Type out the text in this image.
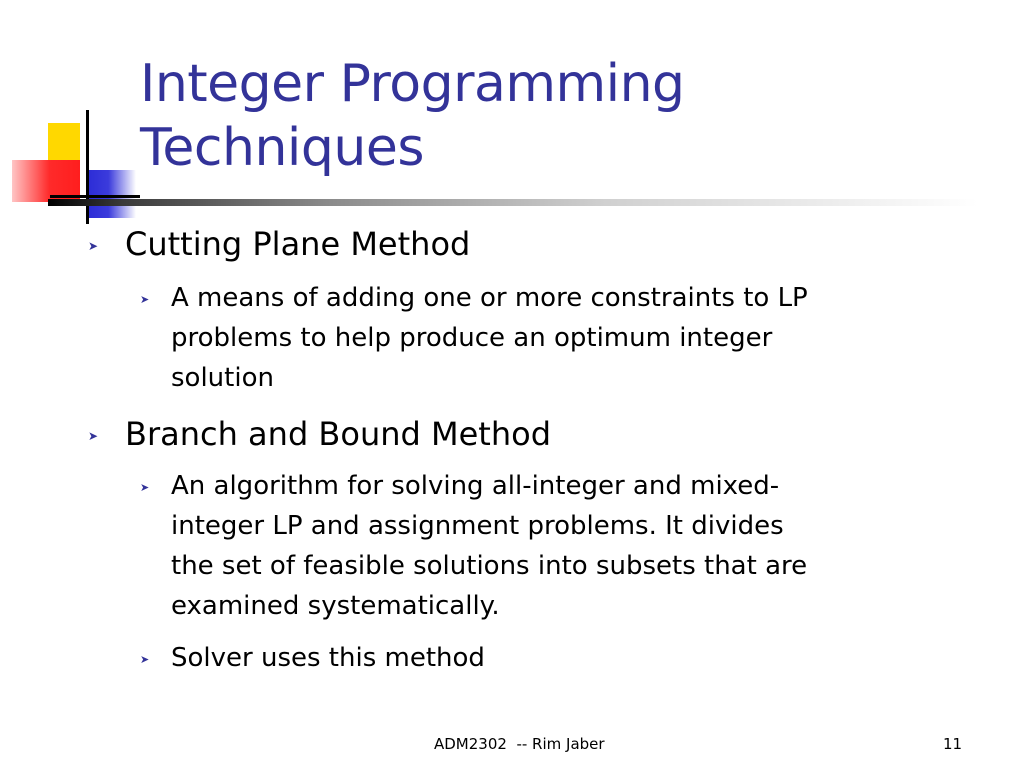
Integer Programming
Techniques
➤ Cutting Plane Method
➤ A means of adding one or more constraints to LP
problems to help produce an optimum integer
solution
➤ Branch and Bound Method
➤ An algorithm for solving all-integer and mixed-
integer LP and assignment problems. It divides
the set of feasible solutions into subsets that are
examined systematically.
➤ Solver uses this method
ADM2302  -- Rim Jaber	11
